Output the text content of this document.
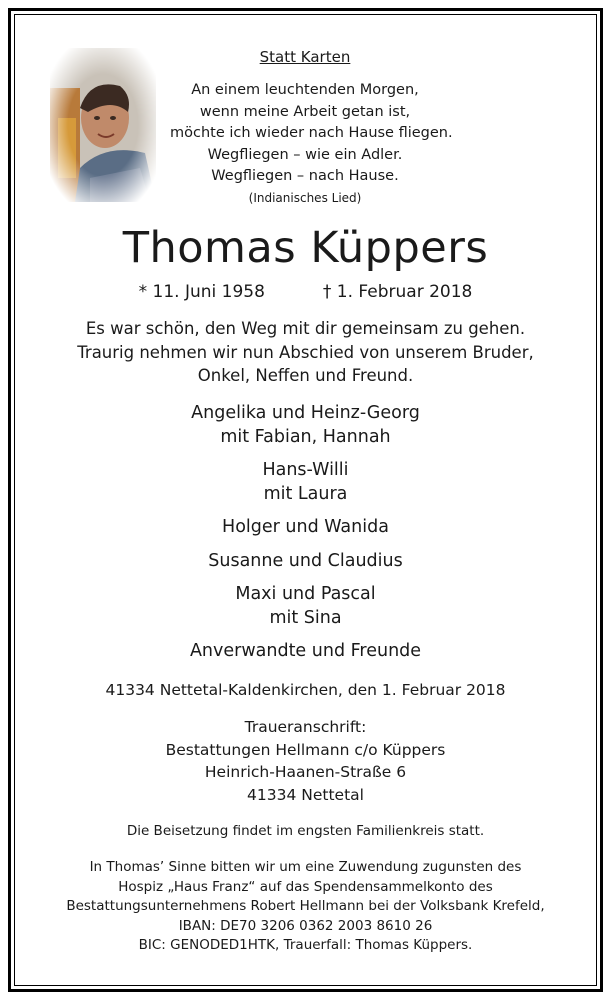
Statt Karten
An einem leuchtenden Morgen,
wenn meine Arbeit getan ist,
möchte ich wieder nach Hause fliegen.
Wegfliegen – wie ein Adler.
Wegfliegen – nach Hause.
(Indianisches Lied)
Thomas Küppers
* 11. Juni 1958	† 1. Februar 2018
Es war schön, den Weg mit dir gemeinsam zu gehen.
Traurig nehmen wir nun Abschied von unserem Bruder,
Onkel, Neffen und Freund.
Angelika und Heinz-Georg
mit Fabian, Hannah
Hans-Willi
mit Laura
Holger und Wanida
Susanne und Claudius
Maxi und Pascal
mit Sina
Anverwandte und Freunde
41334 Nettetal-Kaldenkirchen, den 1. Februar 2018
Traueranschrift:
Bestattungen Hellmann c/o Küppers
Heinrich-Haanen-Straße 6
41334 Nettetal
Die Beisetzung findet im engsten Familienkreis statt.
In Thomas’ Sinne bitten wir um eine Zuwendung zugunsten des
Hospiz „Haus Franz“ auf das Spendensammelkonto des
Bestattungsunternehmens Robert Hellmann bei der Volksbank Krefeld,
IBAN: DE70 3206 0362 2003 8610 26
BIC: GENODED1HTK, Trauerfall: Thomas Küppers.
